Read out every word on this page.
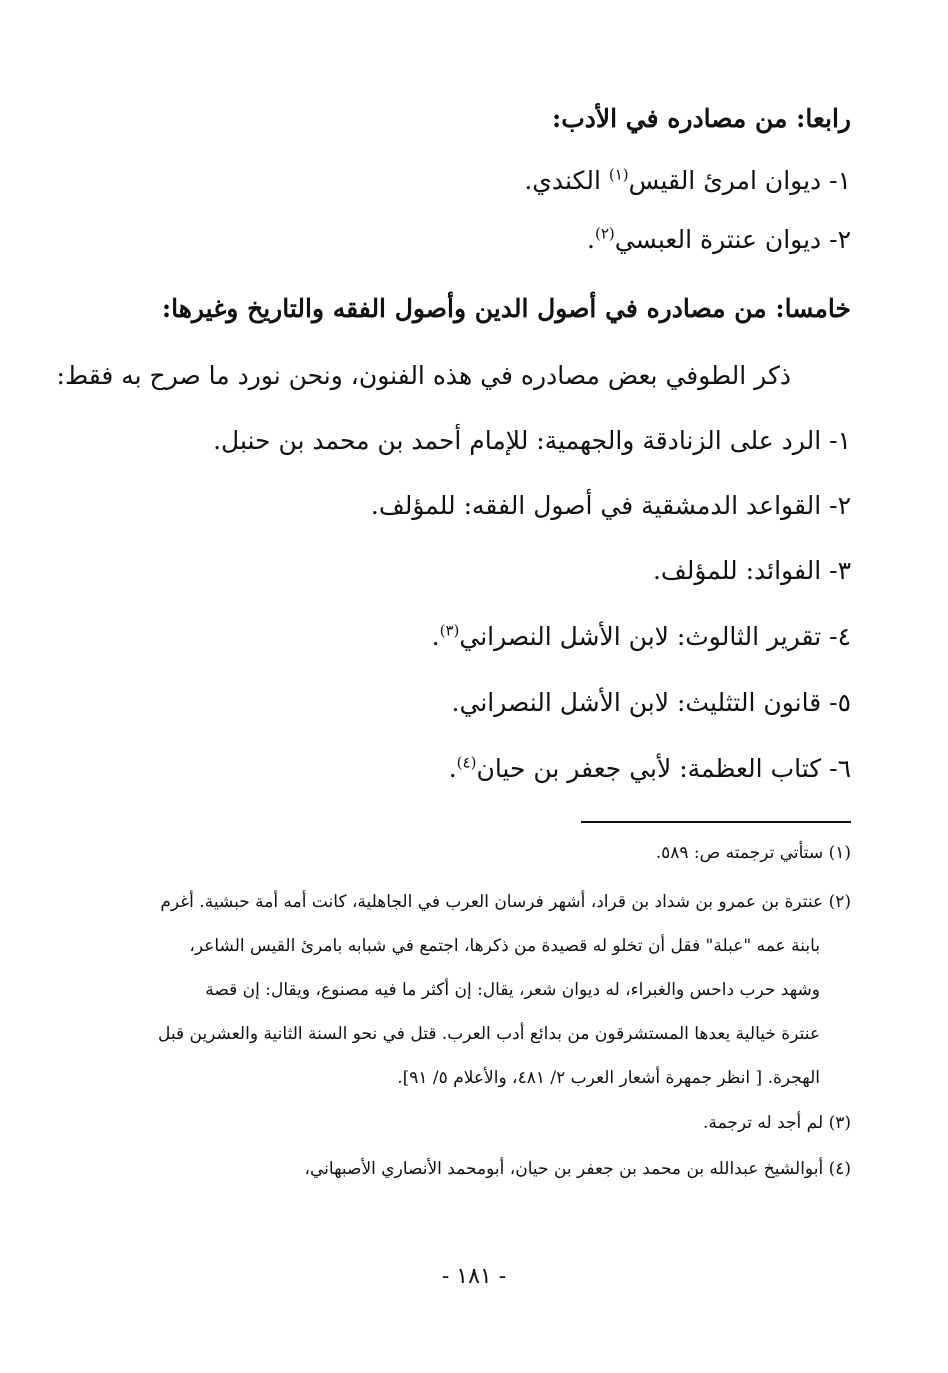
رابعا: من مصادره في الأدب:
١- ديوان امرئ القيس$^{(١)}$ الكندي.
٢- ديوان عنترة العبسي$^{(٢)}$.
خامسا: من مصادره في أصول الدين وأصول الفقه والتاريخ وغيرها:
ذكر الطوفي بعض مصادره في هذه الفنون، ونحن نورد ما صرح به فقط:
١- الرد على الزنادقة والجهمية: للإمام أحمد بن محمد بن حنبل.
٢- القواعد الدمشقية في أصول الفقه: للمؤلف.
٣- الفوائد: للمؤلف.
٤- تقرير الثالوث: لابن الأشل النصراني$^{(٣)}$.
٥- قانون التثليث: لابن الأشل النصراني.
٦- كتاب العظمة: لأبي جعفر بن حيان$^{(٤)}$.
(١) ستأتي ترجمته ص: ٥٨٩.
(٢) عنترة بن عمرو بن شداد بن قراد، أشهر فرسان العرب في الجاهلية، كانت أمه أمة حبشية. أغرم
بابنة عمه "عبلة" فقل أن تخلو له قصيدة من ذكرها، اجتمع في شبابه بامرئ القيس الشاعر،
وشهد حرب داحس والغبراء، له ديوان شعر، يقال: إن أكثر ما فيه مصنوع، ويقال: إن قصة
عنترة خيالية يعدها المستشرقون من بدائع أدب العرب. قتل في نحو السنة الثانية والعشرين قبل
الهجرة. [ انظر جمهرة أشعار العرب ٢/ ٤٨١، والأعلام ٥/ ٩١].
(٣) لم أجد له ترجمة.
(٤) أبوالشيخ عبدالله بن محمد بن جعفر بن حيان، أبومحمد الأنصاري الأصبهاني،
- ١٨١ -
